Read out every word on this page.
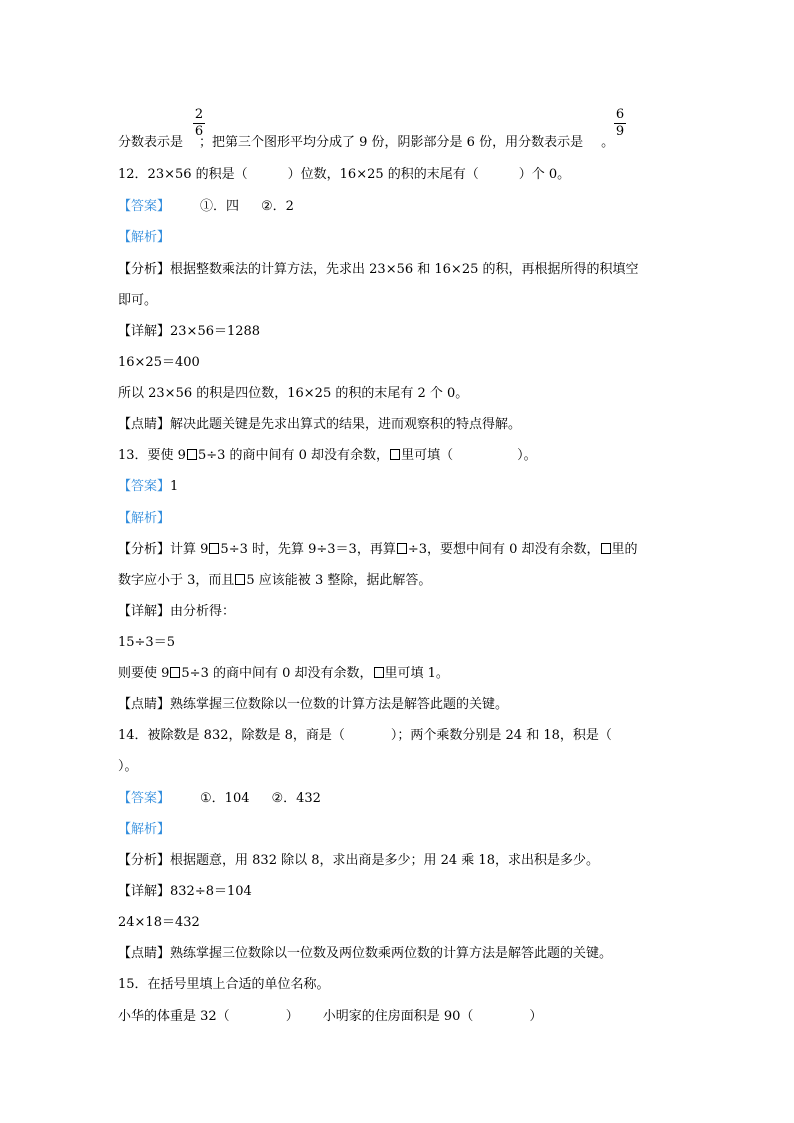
2
6
6
9
分数表示是 ；把第三个图形平均分成了 9 份，阴影部分是 6 份，用分数表示是 。
12．23×56 的积是（	）位数，16×25 的积的末尾有（	）个 0。
【答案】 ①．四 ②．2
【解析】
【分析】根据整数乘法的计算方法，先求出 23×56 和 16×25 的积，再根据所得的积填空
即可。
【详解】23×56＝1288
16×25＝400
所以 23×56 的积是四位数，16×25 的积的末尾有 2 个 0。
【点睛】解决此题关键是先求出算式的结果，进而观察积的特点得解。
13．要使 9 5÷3 的商中间有 0 却没有余数， 里可填（	）。
【答案】1
【解析】
【分析】计算 9 5÷3 时，先算 9÷3＝3，再算 ÷3，要想中间有 0 却没有余数， 里的
数字应小于 3，而且 5 应该能被 3 整除，据此解答。
【详解】由分析得：
15÷3＝5
则要使 9 5÷3 的商中间有 0 却没有余数， 里可填 1。
【点睛】熟练掌握三位数除以一位数的计算方法是解答此题的关键。
14．被除数是 832，除数是 8，商是（	）；两个乘数分别是 24 和 18，积是（
）。
【答案】 ①．104 ②．432
【解析】
【分析】根据题意，用 832 除以 8，求出商是多少；用 24 乘 18，求出积是多少。
【详解】832÷8＝104
24×18＝432
【点睛】熟练掌握三位数除以一位数及两位数乘两位数的计算方法是解答此题的关键。
15．在括号里填上合适的单位名称。
小华的体重是 32（	） 小明家的住房面积是 90（	）
